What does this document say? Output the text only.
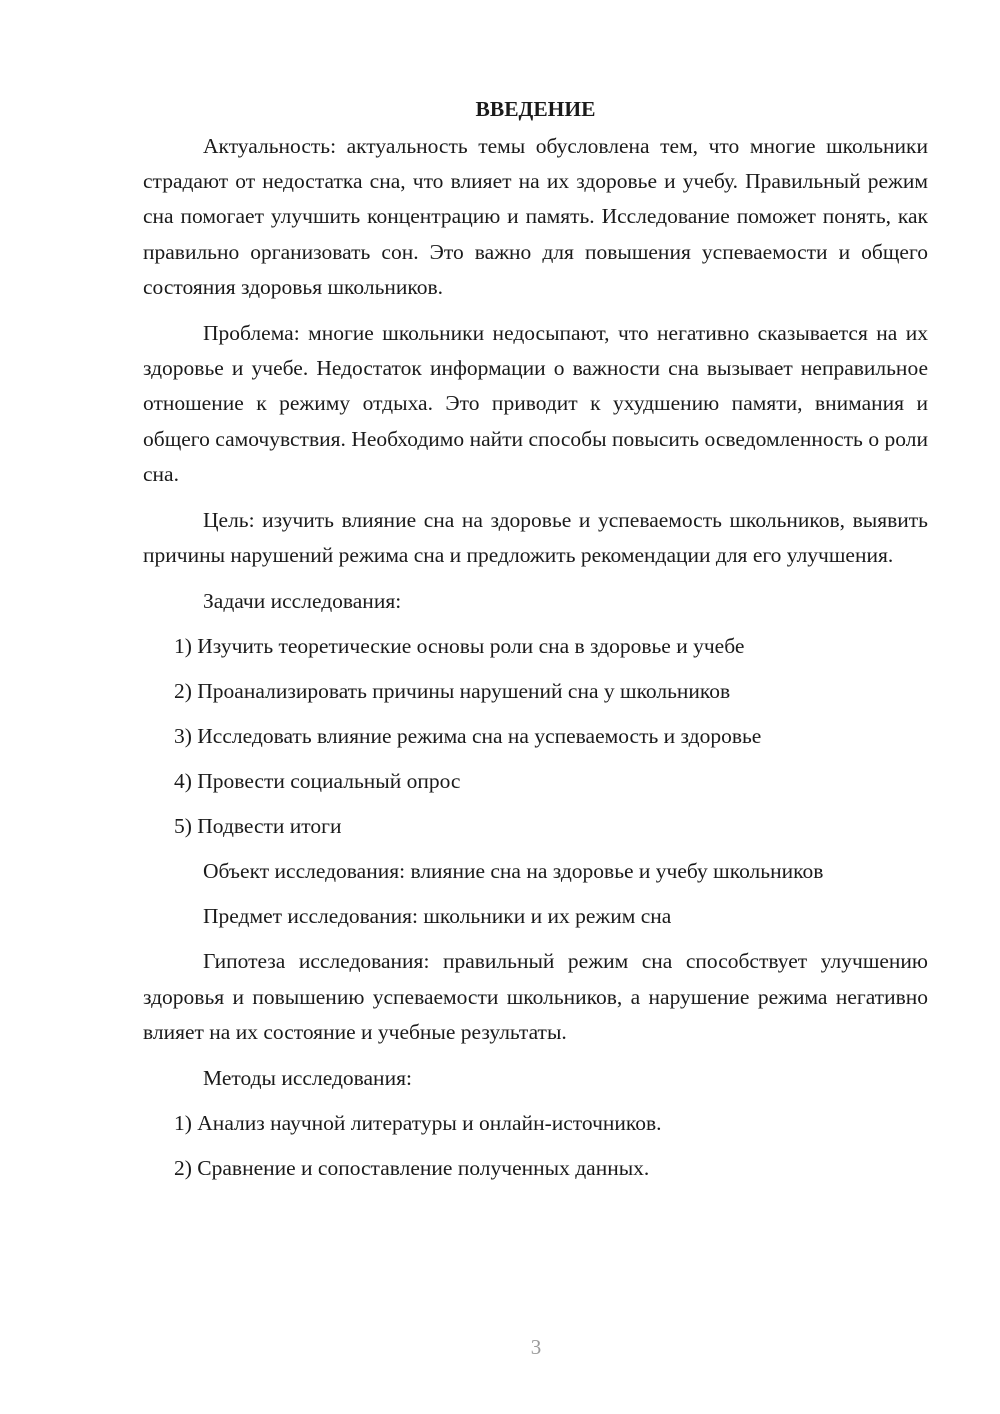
ВВЕДЕНИЕ

Актуальность: актуальность темы обусловлена тем, что многие школьники страдают от недостатка сна, что влияет на их здоровье и учебу. Правильный режим сна помогает улучшить концентрацию и память. Исследование поможет понять, как правильно организовать сон. Это важно для повышения успеваемости и общего состояния здоровья школьников.

Проблема: многие школьники недосыпают, что негативно сказывается на их здоровье и учебе. Недостаток информации о важности сна вызывает неправильное отношение к режиму отдыха. Это приводит к ухудшению памяти, внимания и общего самочувствия. Необходимо найти способы повысить осведомленность о роли сна.

Цель: изучить влияние сна на здоровье и успеваемость школьников, выявить причины нарушений режима сна и предложить рекомендации для его улучшения.

Задачи исследования:
1) Изучить теоретические основы роли сна в здоровье и учебе
2) Проанализировать причины нарушений сна у школьников
3) Исследовать влияние режима сна на успеваемость и здоровье
4) Провести социальный опрос
5) Подвести итоги
Объект исследования: влияние сна на здоровье и учебу школьников
Предмет исследования: школьники и их режим сна

Гипотеза исследования: правильный режим сна способствует улучшению здоровья и повышению успеваемости школьников, а нарушение режима негативно влияет на их состояние и учебные результаты.

Методы исследования:
1) Анализ научной литературы и онлайн-источников.
2) Сравнение и сопоставление полученных данных.
3
